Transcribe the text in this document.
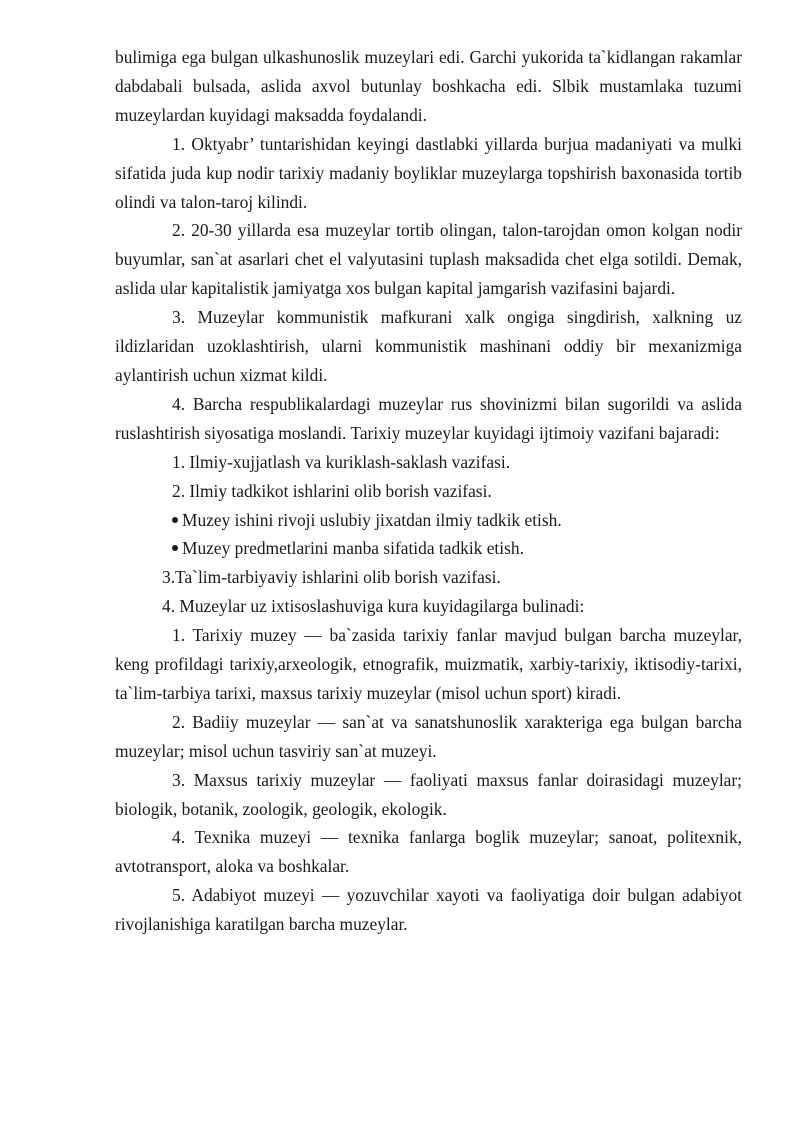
bulimiga ega bulgan ulkashunoslik muzeylari edi. Garchi yukorida ta`kidlangan rakamlar dabdabali bulsada, aslida axvol butunlay boshkacha edi. Slbik mustamlaka tuzumi muzeylardan kuyidagi maksadda foydalandi.

1. Oktyabr’ tuntarishidan keyingi dastlabki yillarda burjua madaniyati va mulki sifatida juda kup nodir tarixiy madaniy boyliklar muzeylarga topshirish baxonasida tortib olindi va talon-taroj kilindi.

2. 20-30 yillarda esa muzeylar tortib olingan, talon-tarojdan omon kolgan nodir buyumlar, san`at asarlari chet el valyutasini tuplash maksadida chet elga sotildi. Demak, aslida ular kapitalistik jamiyatga xos bulgan kapital jamgarish vazifasini bajardi.

3. Muzeylar kommunistik mafkurani xalk ongiga singdirish, xalkning uz ildizlaridan uzoklashtirish, ularni kommunistik mashinani oddiy bir mexanizmiga aylantirish uchun xizmat kildi.

4. Barcha respublikalardagi muzeylar rus shovinizmi bilan sugorildi va aslida ruslashtirish siyosatiga moslandi. Tarixiy muzeylar kuyidagi ijtimoiy vazifani bajaradi:

1. Ilmiy-xujjatlash va kuriklash-saklash vazifasi.

2. Ilmiy tadkikot ishlarini olib borish vazifasi.

Muzey ishini rivoji uslubiy jixatdan ilmiy tadkik etish.

Muzey predmetlarini manba sifatida tadkik etish.

3.Ta`lim-tarbiyaviy ishlarini olib borish vazifasi.

4. Muzeylar uz ixtisoslashuviga kura kuyidagilarga bulinadi:

1. Tarixiy muzey — ba`zasida tarixiy fanlar mavjud bulgan barcha muzeylar, keng profildagi tarixiy,arxeologik, etnografik, muizmatik, xarbiy-tarixiy, iktisodiy-tarixi, ta`lim-tarbiya tarixi, maxsus tarixiy muzeylar (misol uchun sport) kiradi.

2. Badiiy muzeylar — san`at va sanatshunoslik xarakteriga ega bulgan barcha muzeylar; misol uchun tasviriy san`at muzeyi.

3. Maxsus tarixiy muzeylar — faoliyati maxsus fanlar doirasidagi muzeylar; biologik, botanik, zoologik, geologik, ekologik.

4. Texnika muzeyi — texnika fanlarga boglik muzeylar; sanoat, politexnik, avtotransport, aloka va boshkalar.

5. Adabiyot muzeyi — yozuvchilar xayoti va faoliyatiga doir bulgan adabiyot rivojlanishiga karatilgan barcha muzeylar.
